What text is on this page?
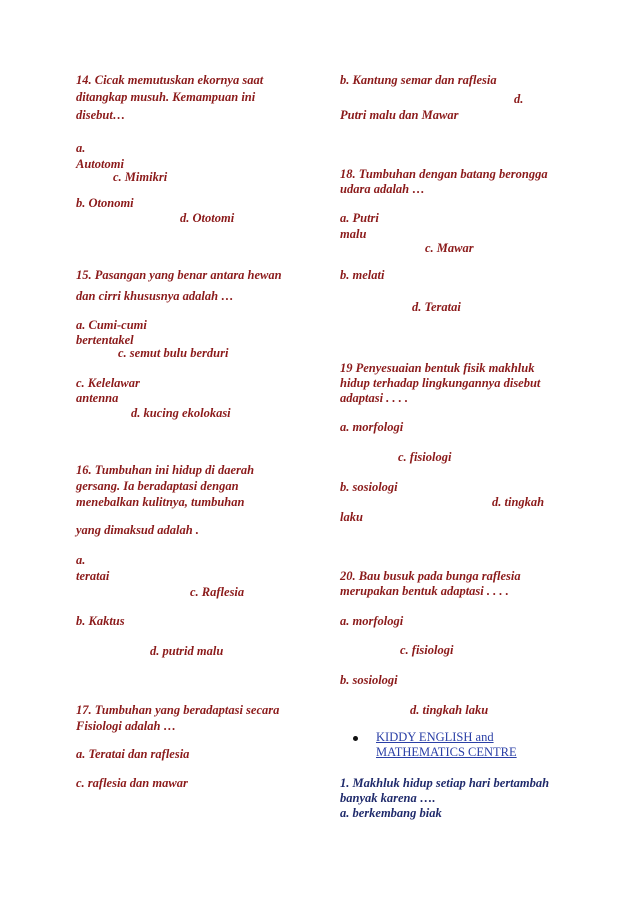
14. Cicak memutuskan ekornya saat
ditangkap musuh. Kemampuan ini
disebut…
a.
Autotomi
c. Mimikri
b. Otonomi
d. Ototomi
15. Pasangan yang benar antara hewan
dan cirri khususnya adalah …
a. Cumi-cumi
bertentakel
c. semut bulu berduri
c. Kelelawar
antenna
d. kucing ekolokasi
16. Tumbuhan ini hidup di daerah
gersang. Ia beradaptasi dengan
menebalkan kulitnya, tumbuhan
yang dimaksud adalah .
a.
teratai
c. Raflesia
b. Kaktus
d. putrid malu
17. Tumbuhan yang beradaptasi secara
Fisiologi adalah …
a. Teratai dan raflesia
c. raflesia dan mawar
b. Kantung semar dan raflesia
d.
Putri malu dan Mawar
18. Tumbuhan dengan batang berongga
udara adalah …
a. Putri
malu
c. Mawar
b. melati
d. Teratai
19 Penyesuaian bentuk fisik makhluk
hidup terhadap lingkungannya disebut
adaptasi . . . .
a. morfologi
c. fisiologi
b. sosiologi
d. tingkah
laku
20. Bau busuk pada bunga raflesia
merupakan bentuk adaptasi . . . .
a. morfologi
c. fisiologi
b. sosiologi
d. tingkah laku
KIDDY ENGLISH and
MATHEMATICS CENTRE
1. Makhluk hidup setiap hari bertambah
banyak karena ….
a. berkembang biak
